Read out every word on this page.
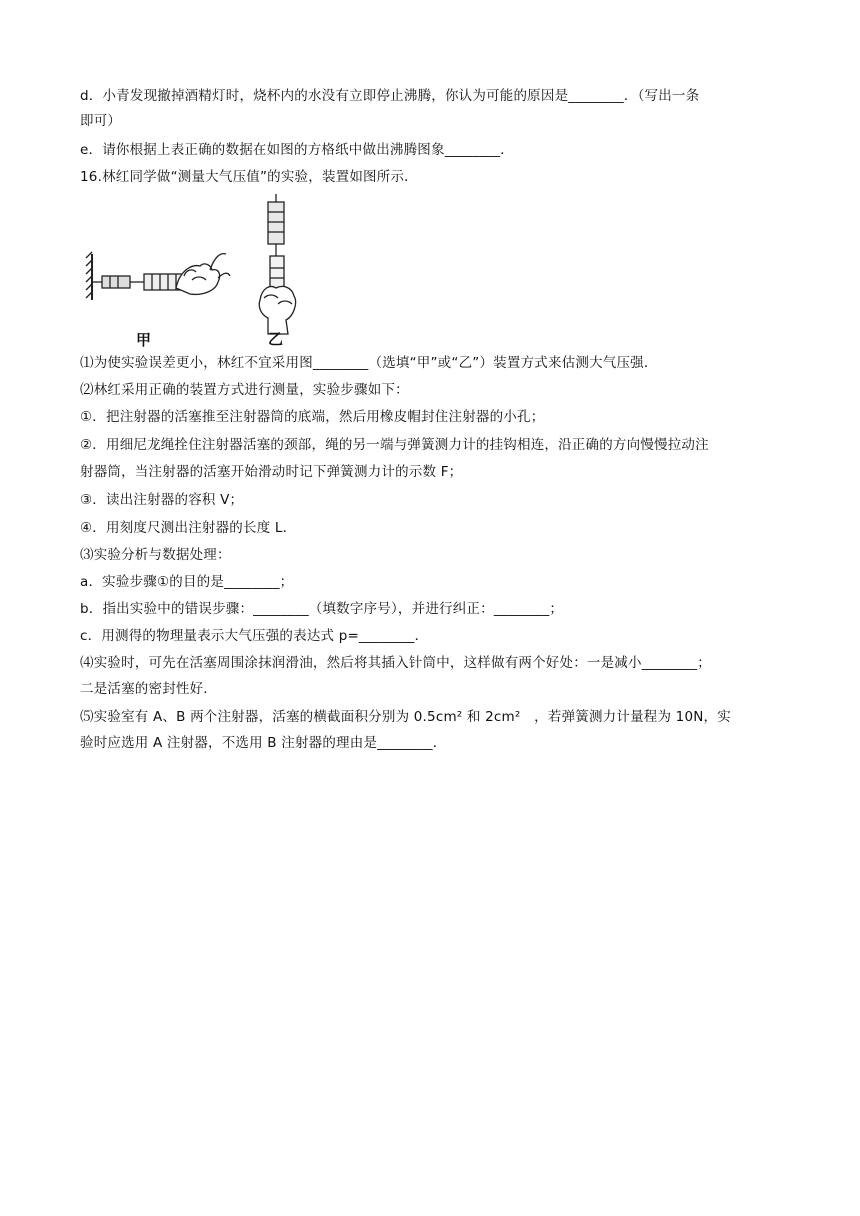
d．小青发现撤掉酒精灯时，烧杯内的水没有立即停止沸腾，你认为可能的原因是________．（写出一条
即可）
e．请你根据上表正确的数据在如图的方格纸中做出沸腾图象________．
16.林红同学做“测量大气压值”的实验，装置如图所示．
甲	乙
⑴为使实验误差更小，林红不宜采用图________（选填“甲”或“乙”）装置方式来估测大气压强．
⑵林红采用正确的装置方式进行测量，实验步骤如下：
①．把注射器的活塞推至注射器筒的底端，然后用橡皮帽封住注射器的小孔；
②．用细尼龙绳拴住注射器活塞的颈部，绳的另一端与弹簧测力计的挂钩相连，沿正确的方向慢慢拉动注
射器筒，当注射器的活塞开始滑动时记下弹簧测力计的示数 F；
③．读出注射器的容积 V；
④．用刻度尺测出注射器的长度 L．
⑶实验分析与数据处理：
a．实验步骤①的目的是________；
b．指出实验中的错误步骤：________（填数字序号），并进行纠正：________；
c．用测得的物理量表示大气压强的表达式 p=________．
⑷实验时，可先在活塞周围涂抹润滑油，然后将其插入针筒中，这样做有两个好处：一是减小________；
二是活塞的密封性好．
⑸实验室有 A、B 两个注射器，活塞的横截面积分别为 0.5cm² 和 2cm²　，若弹簧测力计量程为 10N，实
验时应选用 A 注射器，不选用 B 注射器的理由是________．
